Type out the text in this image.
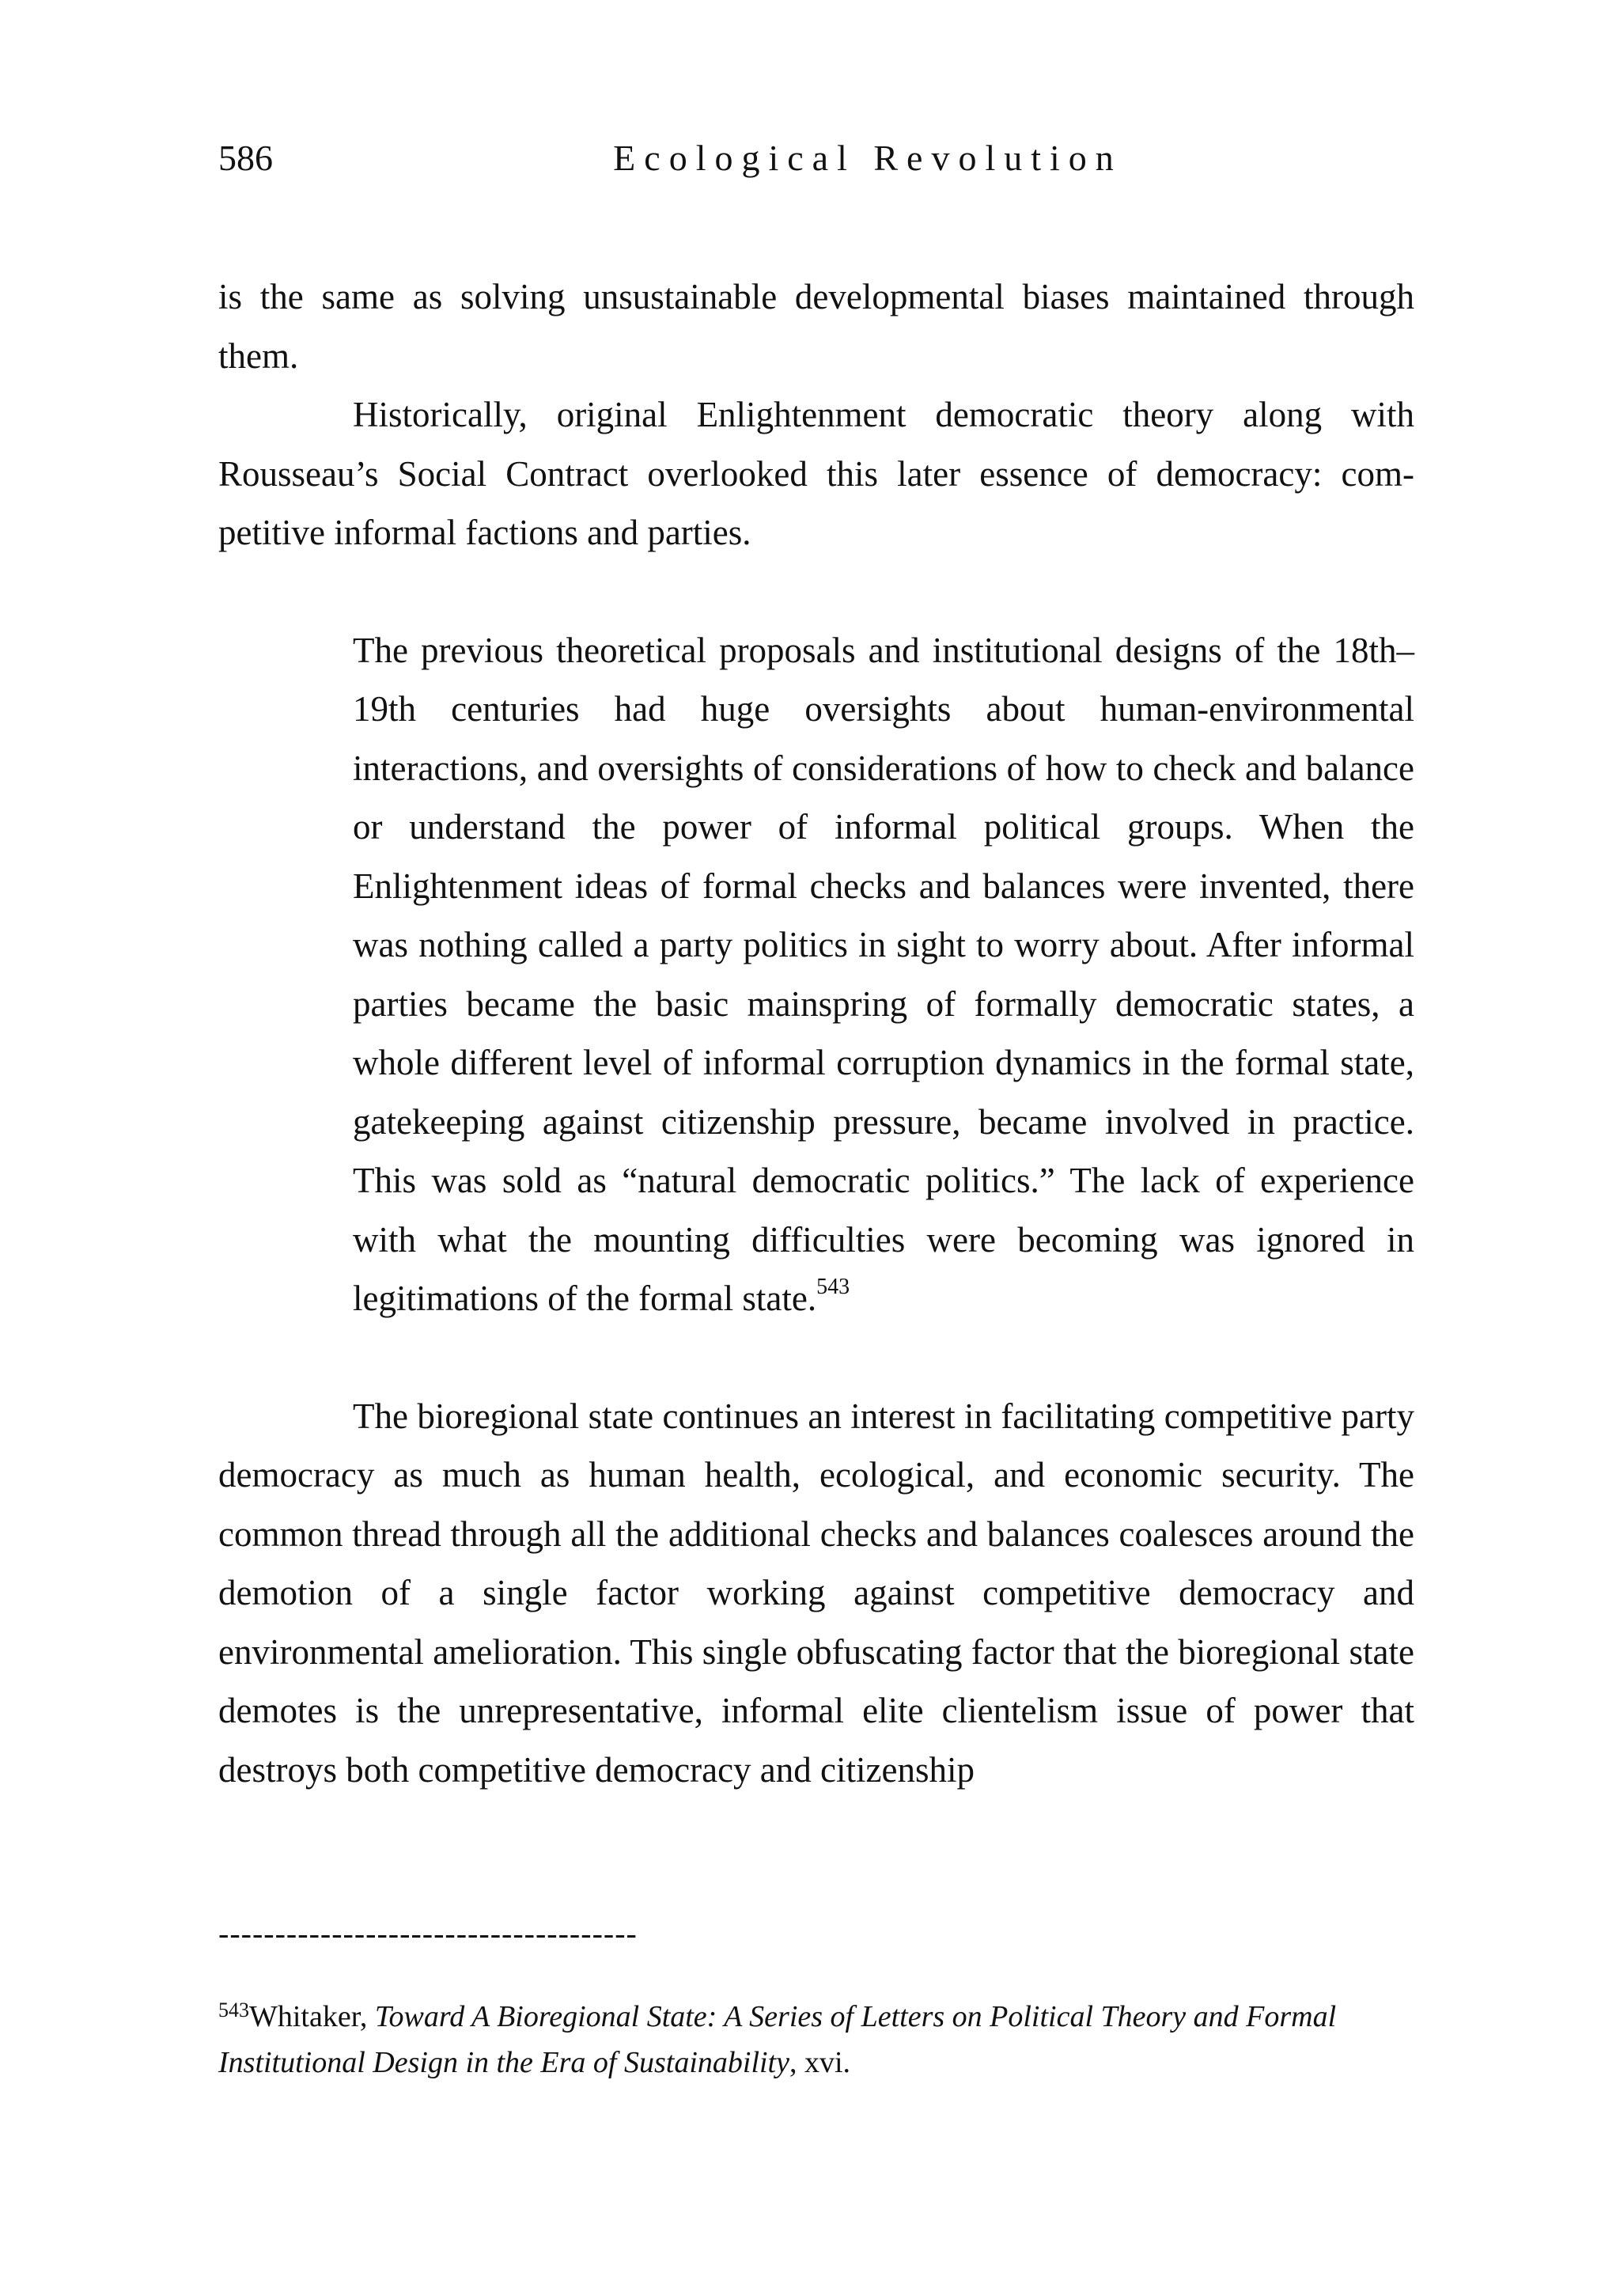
586	Ecological Revolution

is the same as solving unsustainable developmental biases maintained through them.

Historically, original Enlightenment democratic theory along with Rousseau’s Social Contract overlooked this later essence of democracy: competitive informal factions and parties.

The previous theoretical proposals and institutional designs of the 18th–19th centuries had huge oversights about human-environmental interactions, and oversights of considerations of how to check and balance or understand the power of informal political groups. When the Enlightenment ideas of formal checks and balances were invented, there was nothing called a party politics in sight to worry about. After informal parties became the basic mainspring of formally democratic states, a whole different level of informal corruption dynamics in the formal state, gatekeeping against citizenship pressure, became involved in practice. This was sold as “natural democratic politics.” The lack of experience with what the mounting difficulties were becoming was ignored in legitimations of the formal state.$^{543}$

The bioregional state continues an interest in facilitating competitive party democracy as much as human health, ecological, and economic security. The common thread through all the additional checks and balances coalesces around the demotion of a single factor working against competitive democracy and environmental amelioration. This single obfuscating factor that the bioregional state demotes is the unrepresentative, informal elite clientelism issue of power that destroys both competitive democracy and citizenship

-------------------------------------
$^{543}$Whitaker, Toward A Bioregional State: A Series of Letters on Political Theory and Formal Institutional Design in the Era of Sustainability, xvi.
